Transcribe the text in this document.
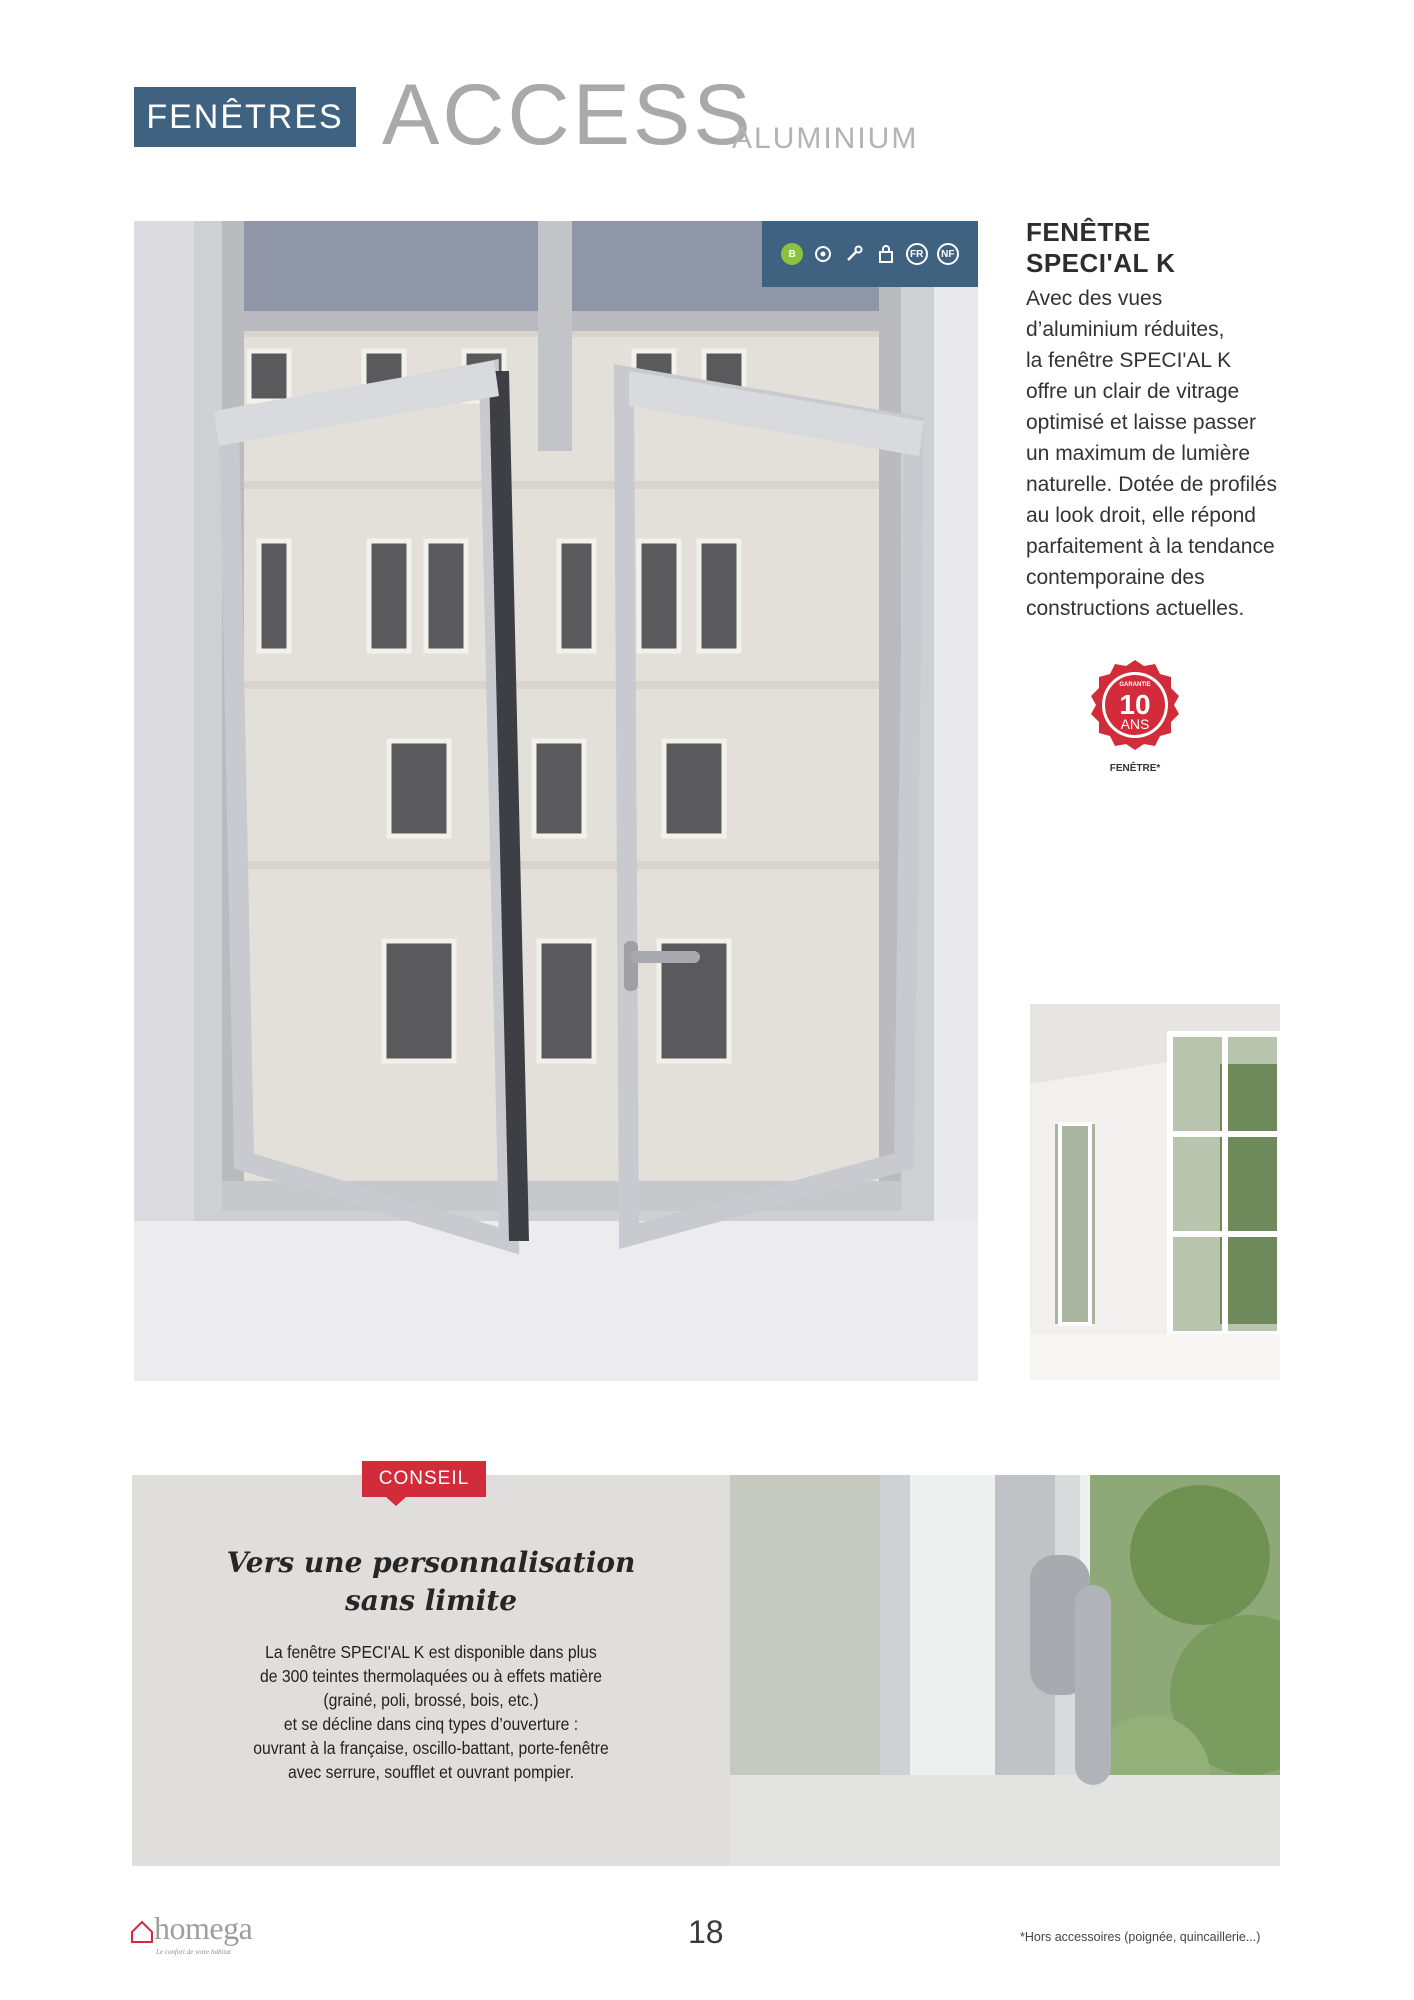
FENÊTRES ACCESS
ALUMINIUM
B	FR	NF
FENÊTRE
SPECI'AL K
Avec des vues
d’aluminium réduites,
la fenêtre SPECI'AL K
offre un clair de vitrage
optimisé et laisse passer
un maximum de lumière
naturelle. Dotée de profilés
au look droit, elle répond
parfaitement à la tendance
contemporaine des
constructions actuelles.
GARANTIE
10
ANS
FENÊTRE*
CONSEIL
Vers une personnalisation
sans limite
La fenêtre SPECI'AL K est disponible dans plus
de 300 teintes thermolaquées ou à effets matière
(grainé, poli, brossé, bois, etc.)
et se décline dans cinq types d’ouverture :
ouvrant à la française, oscillo-battant, porte-fenêtre
avec serrure, soufflet et ouvrant pompier.
homega
Le confort de votre habitat
18	*Hors accessoires (poignée, quincaillerie...)
